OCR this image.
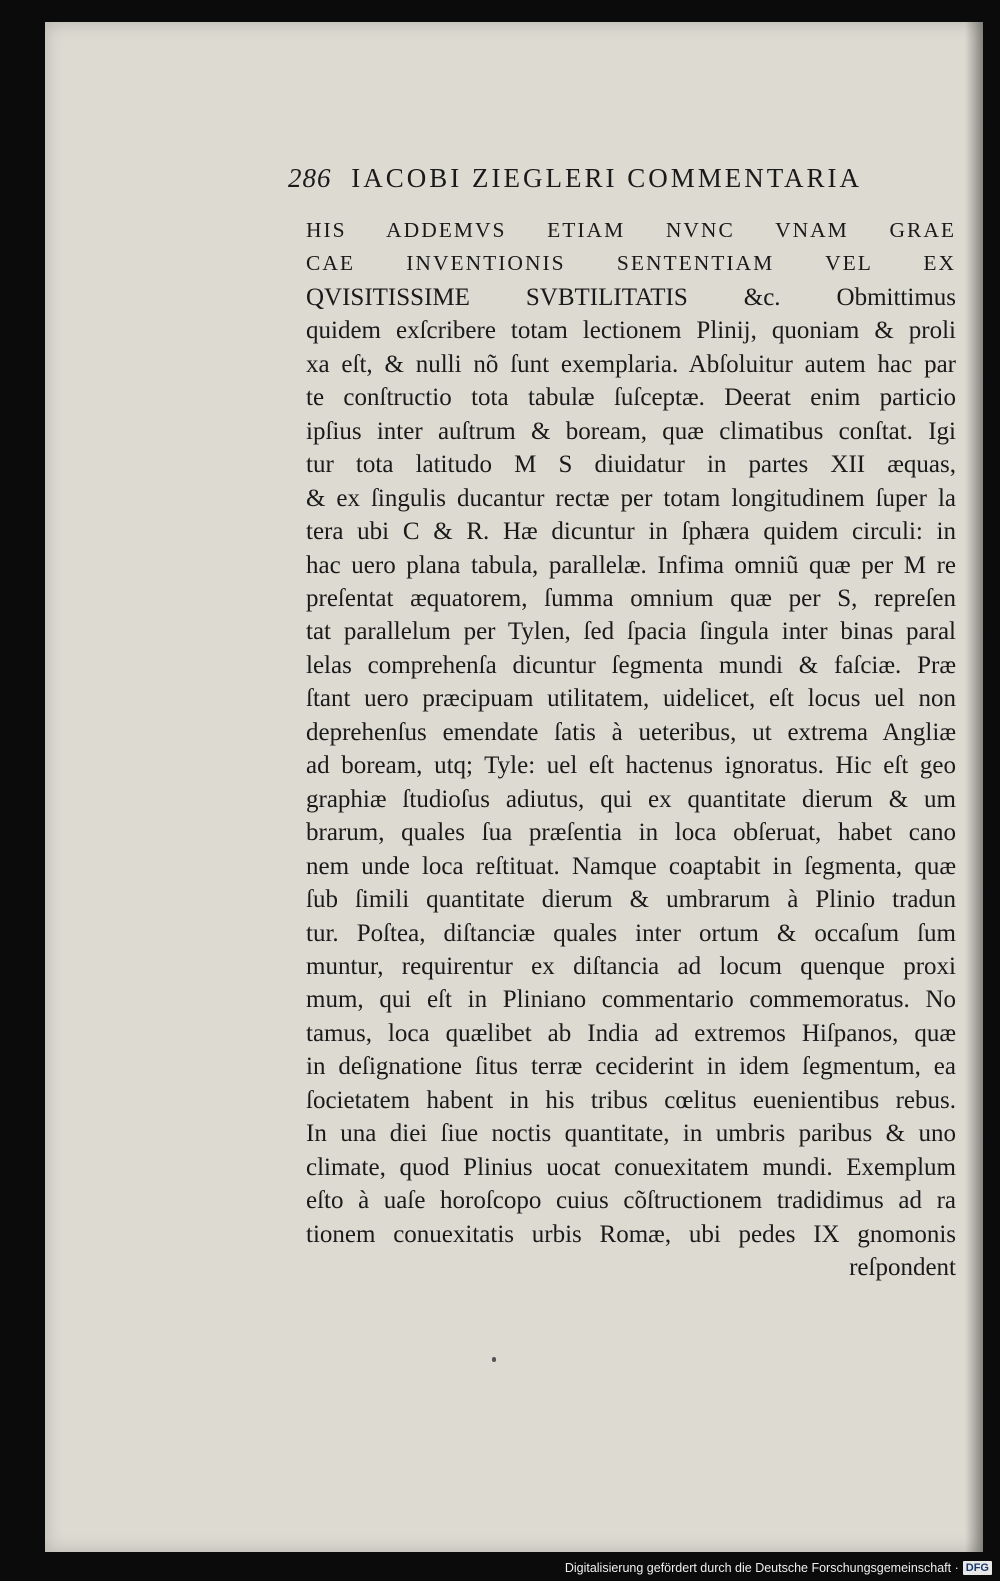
286 IACOBI ZIEGLERI COMMENTARIA
HIS ADDEMVS ETIAM NVNC VNAM GRAE
CAE INVENTIONIS SENTENTIAM VEL EX
QVISITISSIME SVBTILITATIS &c. Obmittimus
quidem exſcribere totam lectionem Plinij, quoniam & proli
xa eſt, & nulli nõ ſunt exemplaria. Abſoluitur autem hac par
te conſtructio tota tabulæ ſuſceptæ. Deerat enim particio
ipſius inter auſtrum & boream, quæ climatibus conſtat. Igi
tur tota latitudo M S diuidatur in partes XII æquas,
& ex ſingulis ducantur rectæ per totam longitudinem ſuper la
tera ubi C & R. Hæ dicuntur in ſphæra quidem circuli: in
hac uero plana tabula, parallelæ. Infima omniũ quæ per M re
preſentat æquatorem, ſumma omnium quæ per S, repreſen
tat parallelum per Tylen, ſed ſpacia ſingula inter binas paral
lelas comprehenſa dicuntur ſegmenta mundi & faſciæ. Præ
ſtant uero præcipuam utilitatem, uidelicet, eſt locus uel non
deprehenſus emendate ſatis à ueteribus, ut extrema Angliæ
ad boream, utq; Tyle: uel eſt hactenus ignoratus. Hic eſt geo
graphiæ ſtudioſus adiutus, qui ex quantitate dierum & um
brarum, quales ſua præſentia in loca obſeruat, habet cano
nem unde loca reſtituat. Namque coaptabit in ſegmenta, quæ
ſub ſimili quantitate dierum & umbrarum à Plinio tradun
tur. Poſtea, diſtanciæ quales inter ortum & occaſum ſum
muntur, requirentur ex diſtancia ad locum quenque proxi
mum, qui eſt in Pliniano commentario commemoratus. No
tamus, loca quælibet ab India ad extremos Hiſpanos, quæ
in deſignatione ſitus terræ ceciderint in idem ſegmentum, ea
ſocietatem habent in his tribus cœlitus euenientibus rebus.
In una diei ſiue noctis quantitate, in umbris paribus & uno
climate, quod Plinius uocat conuexitatem mundi. Exemplum
eſto à uaſe horoſcopo cuius cõſtructionem tradidimus ad ra
tionem conuexitatis urbis Romæ, ubi pedes IX gnomonis
reſpondent
Digitalisierung gefördert durch die Deutsche Forschungsgemeinschaft · DFG
